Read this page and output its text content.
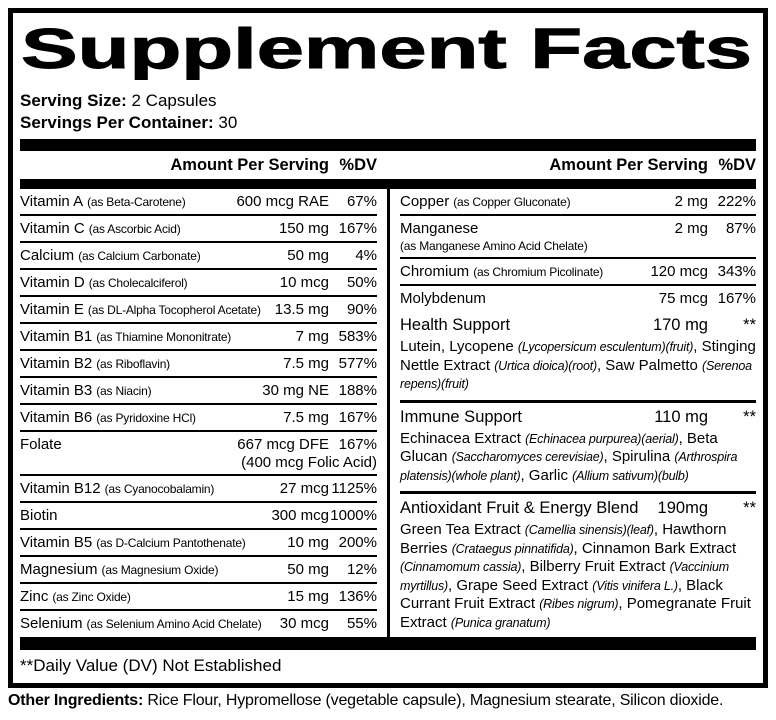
Supplement Facts
Serving Size: 2 Capsules
Servings Per Container: 30
Amount Per Serving %DV	Amount Per Serving %DV
Vitamin A (as Beta-Carotene)	600 mcg RAE	67%
Vitamin C (as Ascorbic Acid)	150 mg 167%
Calcium (as Calcium Carbonate)	50 mg	4%
Vitamin D (as Cholecalciferol)	10 mcg	50%
Vitamin E (as DL-Alpha Tocopherol Acetate) 13.5 mg	90%
Vitamin B1 (as Thiamine Mononitrate)	7 mg 583%
Vitamin B2 (as Riboflavin)	7.5 mg 577%
Vitamin B3 (as Niacin)	30 mg NE 188%
Vitamin B6 (as Pyridoxine HCl)	7.5 mg 167%
Folate	667 mcg DFE 167%
(400 mcg Folic Acid)
Vitamin B12 (as Cyanocobalamin)	27 mcg 1125%
Biotin	300 mcg 1000%
Vitamin B5 (as D-Calcium Pantothenate)	10 mg 200%
Magnesium (as Magnesium Oxide)	50 mg	12%
Zinc (as Zinc Oxide)	15 mg 136%
Selenium (as Selenium Amino Acid Chelate)	30 mcg	55%
Copper (as Copper Gluconate)	2 mg 222%
Manganese	2 mg	87%
(as Manganese Amino Acid Chelate)
Chromium (as Chromium Picolinate)	120 mcg 343%
Molybdenum	75 mcg 167%
Health Support	170 mg	**
Lutein, Lycopene (Lycopersicum esculentum)(fruit), Stinging Nettle Extract (Urtica dioica)(root), Saw Palmetto (Serenoa repens)(fruit)
Immune Support	110 mg	**
Echinacea Extract (Echinacea purpurea)(aerial), Beta Glucan (Saccharomyces cerevisiae), Spirulina (Arthrospira platensis)(whole plant), Garlic (Allium sativum)(bulb)
Antioxidant Fruit & Energy Blend	190mg	**
Green Tea Extract (Camellia sinensis)(leaf), Hawthorn Berries (Crataegus pinnatifida), Cinnamon Bark Extract (Cinnamomum cassia), Bilberry Fruit Extract (Vaccinium myrtillus), Grape Seed Extract (Vitis vinifera L.), Black Currant Fruit Extract (Ribes nigrum), Pomegranate Fruit Extract (Punica granatum)
**Daily Value (DV) Not Established
Other Ingredients: Rice Flour, Hypromellose (vegetable capsule), Magnesium stearate, Silicon dioxide.
